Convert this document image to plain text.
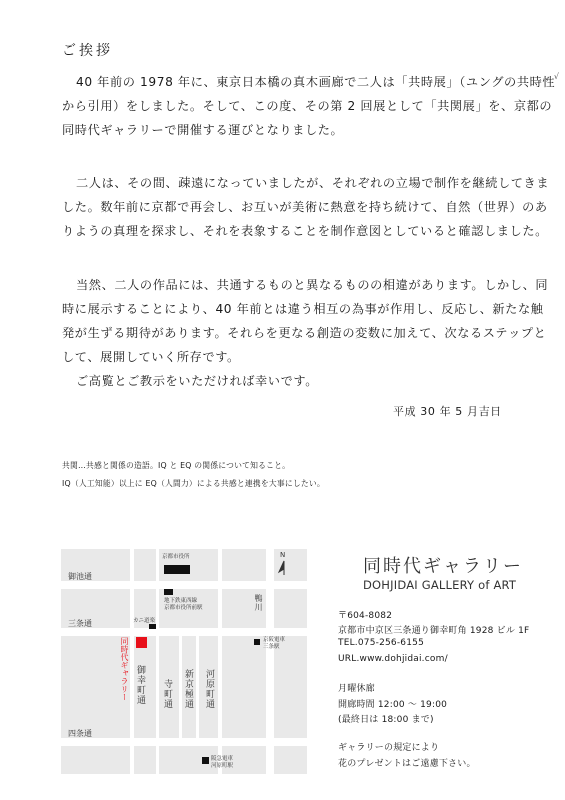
ご挨拶
40 年前の 1978 年に、東京日本橋の真木画廊で二人は「共時展」（ユングの共時性
から引用）をしました。そして、この度、その第 2 回展として「共関展」を、京都の
同時代ギャラリーで開催する運びとなりました。
二人は、その間、疎遠になっていましたが、それぞれの立場で制作を継続してきま
した。数年前に京都で再会し、お互いが美術に熱意を持ち続けて、自然（世界）のあ
りようの真理を探求し、それを表象することを制作意図としていると確認しました。
当然、二人の作品には、共通するものと異なるものの相違があります。しかし、同
時に展示することにより、40 年前とは違う相互の為事が作用し、反応し、新たな触
発が生ずる期待があります。それらを更なる創造の変数に加えて、次なるステップと
して、展開していく所存です。
ご高覧とご教示をいただければ幸いです。
平成 30 年 5 月吉日
共関…共感と関係の造語。IQ と EQ の関係について知ること。
IQ（人工知能）以上に EQ（人間力）による共感と連携を大事にしたい。
√
御池通
三条通
四条通
御幸町通 寺町通 新京極通 河原町通
鴨川
京都市役所
地下鉄東西線
京都市役所前駅
カニ道楽
京阪電車
三条駅
阪急電車
河原町駅
同時代ギャラリー
N
同時代ギャラリー
DOHJIDAI GALLERY of ART
〒604-8082
京都市中京区三条通り御幸町角 1928 ビル 1F
TEL.075-256-6155
URL.www.dohjidai.com/
月曜休廊
開廊時間 12:00 ～ 19:00
(最終日は 18:00 まで)
ギャラリーの規定により
花のプレゼントはご遠慮下さい。
